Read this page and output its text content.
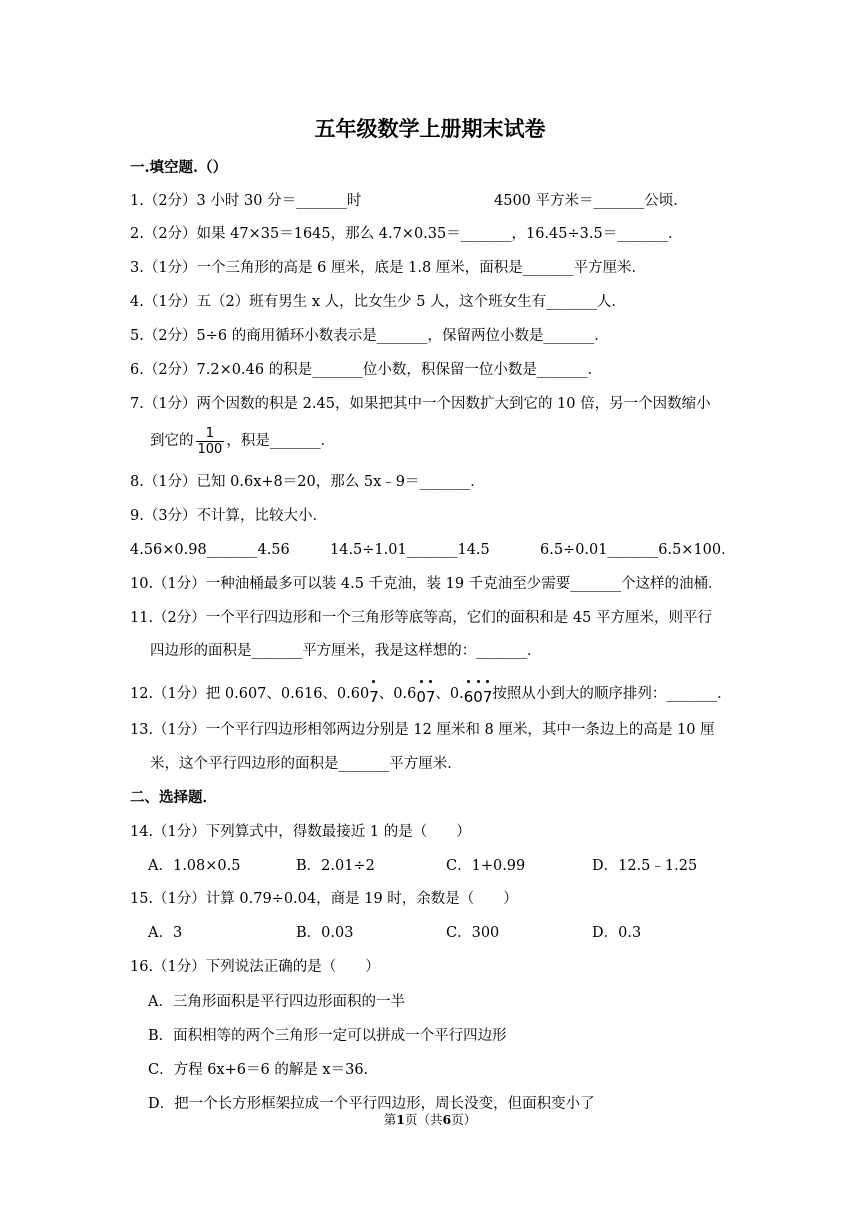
五年级数学上册期末试卷
一.填空题.（）
1.（2分）3 小时 30 分＝_______时	4500 平方米＝_______公顷．
2.（2分）如果 47×35＝1645，那么 4.7×0.35＝_______，16.45÷3.5＝_______．
3.（1分）一个三角形的高是 6 厘米，底是 1.8 厘米，面积是_______平方厘米．
4.（1分）五（2）班有男生 x 人，比女生少 5 人，这个班女生有_______人．
5.（2分）5÷6 的商用循环小数表示是_______，保留两位小数是_______．
6.（2分）7.2×0.46 的积是_______位小数，积保留一位小数是_______．
7.（1分）两个因数的积是 2.45，如果把其中一个因数扩大到它的 10 倍，另一个因数缩小
到它的 $\frac{1}{100}$ ，积是_______．
8.（1分）已知 0.6x+8＝20，那么 5x﹣9＝_______．
9.（3分）不计算，比较大小．
4.56×0.98_______4.56	14.5÷1.01_______14.5	6.5÷0.01_______6.5×100．
10.（1分）一种油桶最多可以装 4.5 千克油，装 19 千克油至少需要_______个这样的油桶．
11.（2分）一个平行四边形和一个三角形等底等高，它们的面积和是 45 平方厘米，则平行
四边形的面积是_______平方厘米，我是这样想的：_______．
12.（1分）把 0.607、0.616、0.60
7、0.6
0
7、0.
6
0
7按照从小到大的顺序排列：_______．
13.（1分）一个平行四边形相邻两边分别是 12 厘米和 8 厘米，其中一条边上的高是 10 厘
米，这个平行四边形的面积是_______平方厘米．
二、选择题．
14.（1分）下列算式中，得数最接近 1 的是（　　）
A．1.08×0.5	B．2.01÷2	C．1+0.99	D．12.5﹣1.25
15.（1分）计算 0.79÷0.04，商是 19 时，余数是（　　）
A．3	B．0.03	C．300	D．0.3
16.（1分）下列说法正确的是（　　）
A．三角形面积是平行四边形面积的一半
B．面积相等的两个三角形一定可以拼成一个平行四边形
C．方程 6x+6＝6 的解是 x＝36.
D．把一个长方形框架拉成一个平行四边形，周长没变，但面积变小了
第1页（共6页）
